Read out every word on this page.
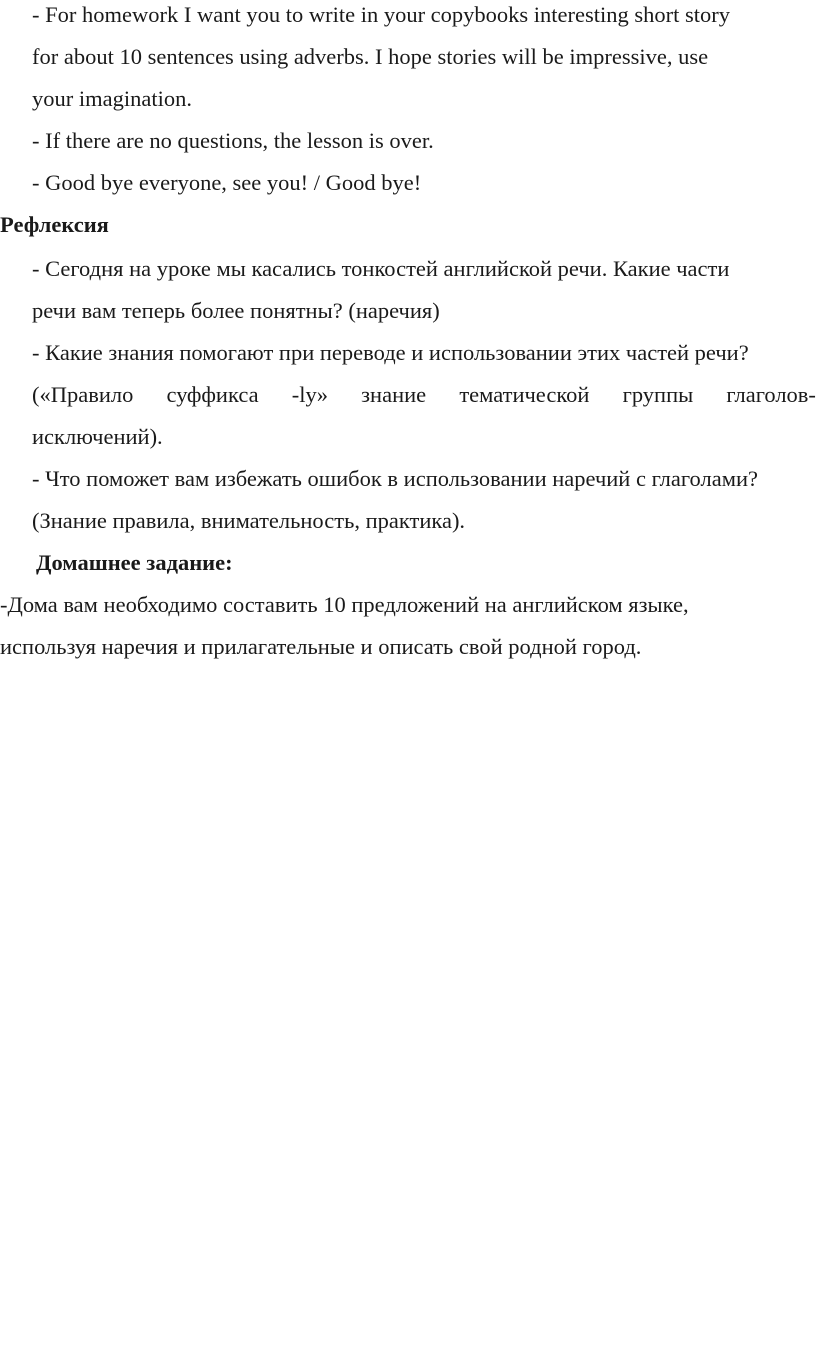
- For homework I want you to write in your copybooks interesting short story
for about 10 sentences using adverbs. I hope stories will be impressive, use
your imagination.
- If there are no questions, the lesson is over.
- Good bye everyone, see you! / Good bye!
Рефлексия
- Сегодня на уроке мы касались тонкостей английской речи. Какие части
речи вам теперь более понятны? (наречия)
- Какие знания помогают при переводе и использовании этих частей речи?
(«Правило суффикса -ly» знание тематической группы глаголов-
исключений).
- Что поможет вам избежать ошибок в использовании наречий с глаголами?
(Знание правила, внимательность, практика).
Домашнее задание:
-Дома вам необходимо составить 10 предложений на английском языке,
используя наречия и прилагательные и описать свой родной город.
